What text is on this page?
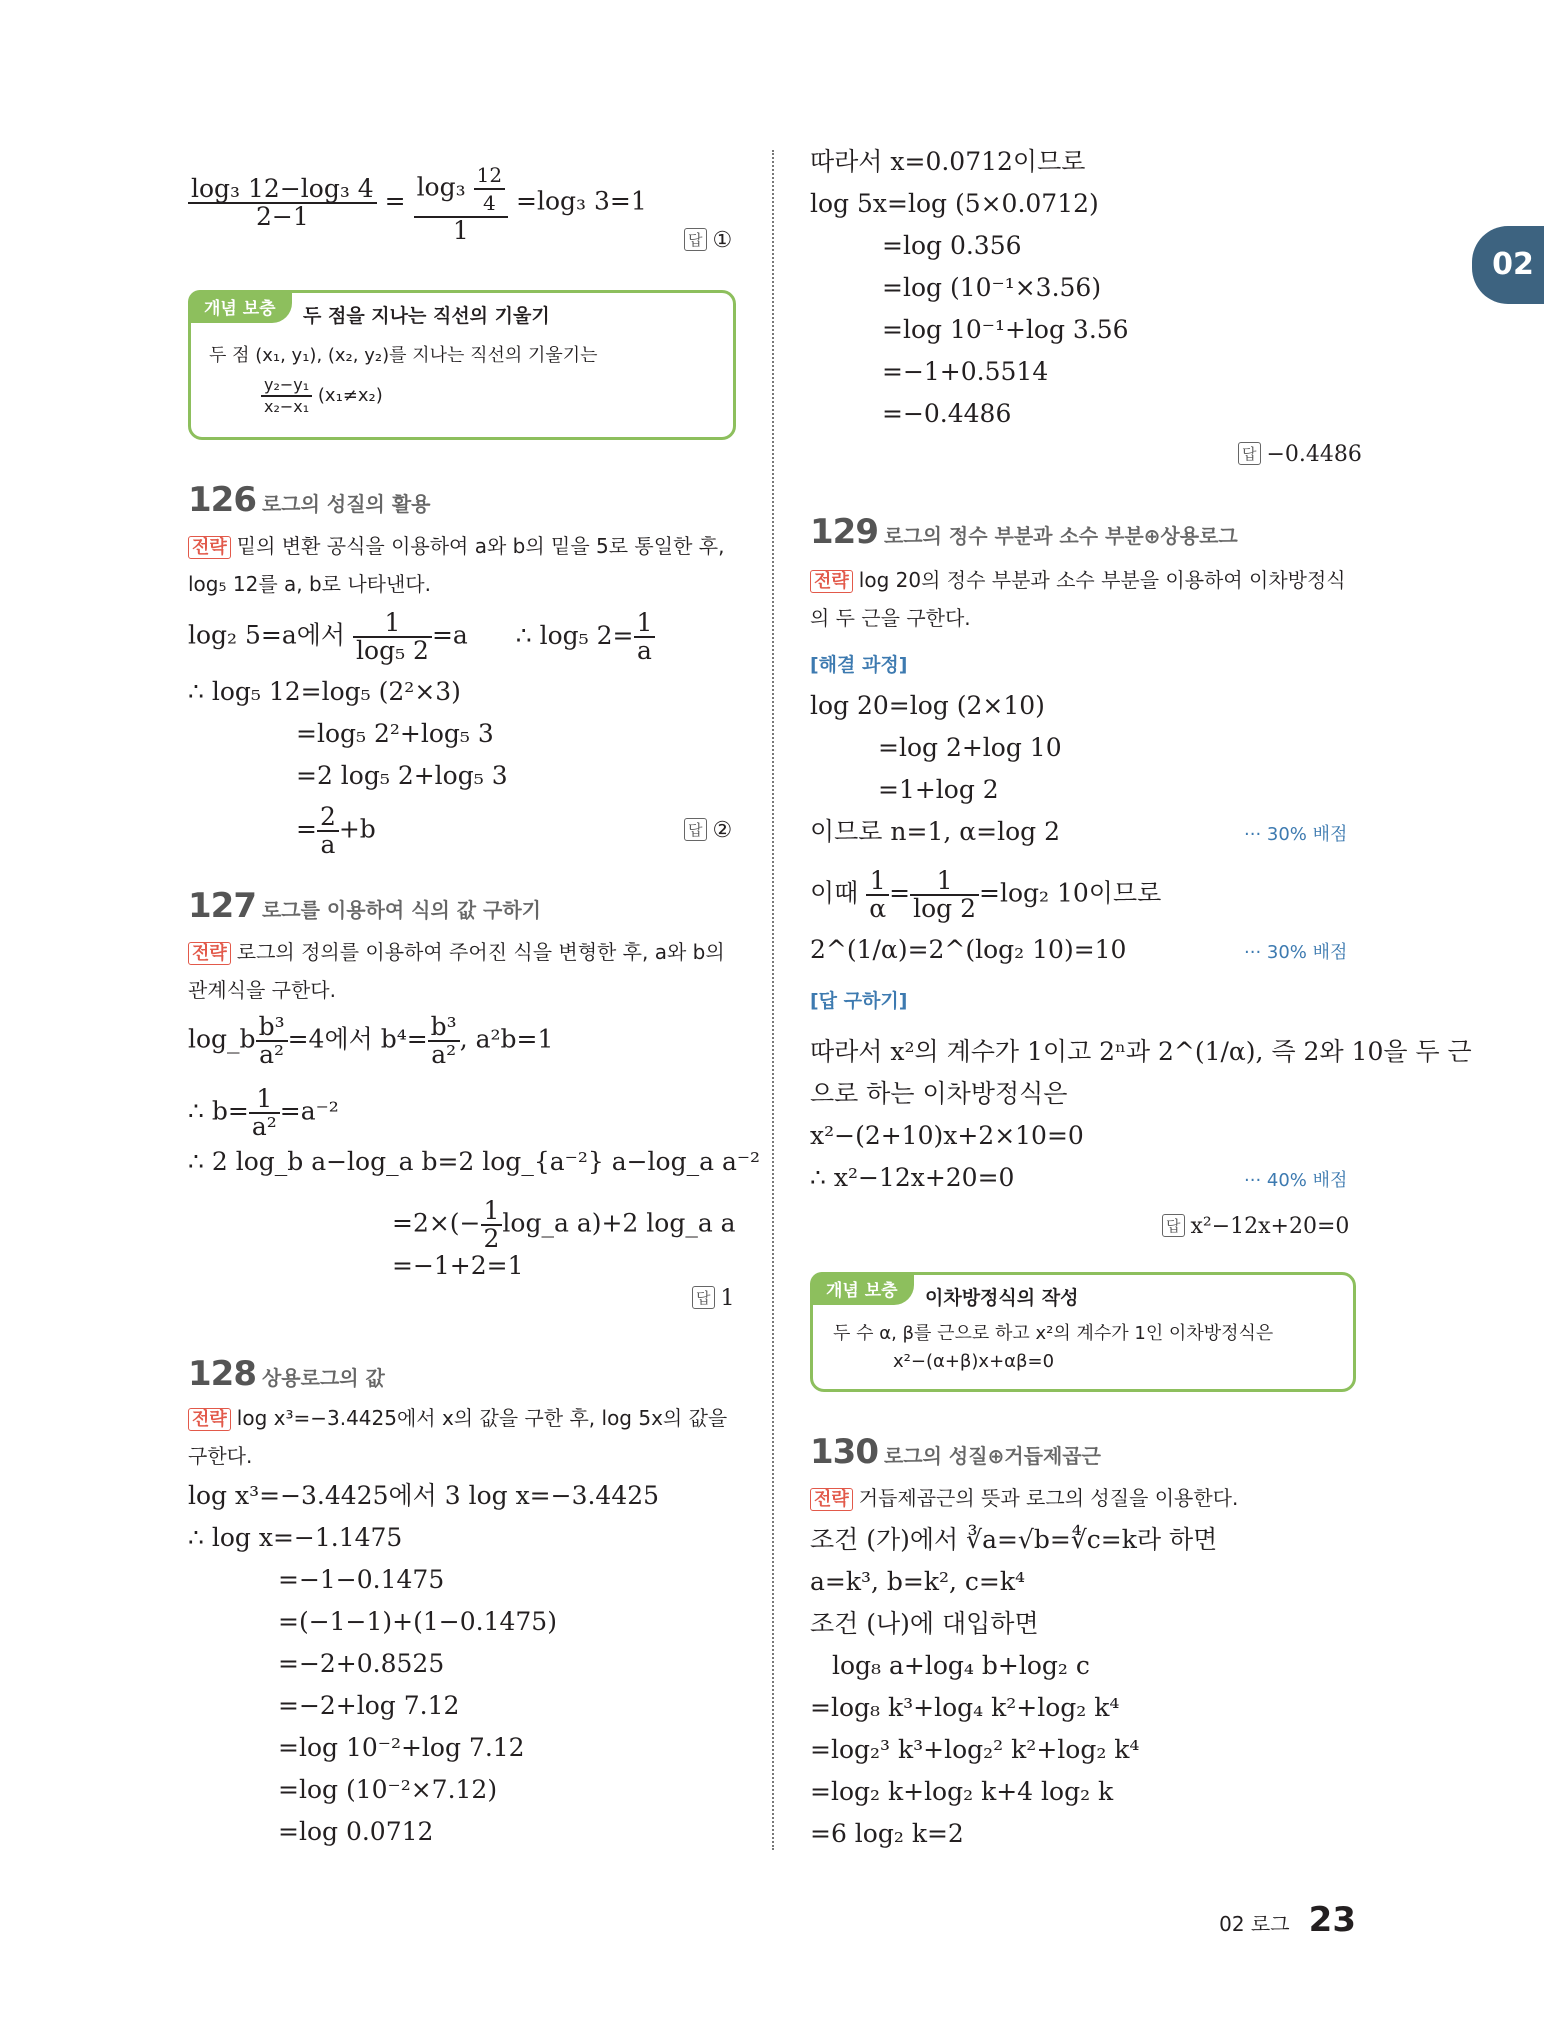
02
$\frac{\text{log₃ 12−log₃ 4}}{2-1} = \frac{\log_3 \frac{12}{4}}{1} =\log_3$ 3=1
답 ①
개념 보충	두 점을 지나는 직선의 기울기
두 점 (x₁, y₁), (x₂, y₂)를 지나는 직선의 기울기는
$\frac{\text{y₂−y₁}}{\text{x₂−x₁}} (x_1\ne x_2)$
126 로그의 성질의 활용
전략 밑의 변환 공식을 이용하여 a와 b의 밑을 5로 통일한 후, log₅ 12를 a, b로 나타낸다.
log₂ 5=a에서 $\frac{1}{\text{log₅ 2}} =a$ ∴ log₅ $2= \frac{1}{a}$
∴ log₅ 12=log₅ (2²×3)
=log₅ 2²+log₅ 3
=2 log₅ 2+log₅ 3
= $\frac{2}{a} +b$	답 ②
127 로그를 이용하여 식의 값 구하기
전략 로그의 정의를 이용하여 주어진 식을 변형한 후, a와 b의 관계식을 구한다.
log_b $\frac{\text{b³}}{\text{a²}} =4$에서 $b^4= \frac{\text{b³}}{\text{a²}}$ , a²b=1
∴ $b= \frac{1}{\text{a²}} =a^{-2}$
∴ 2 log_b a−log_a b=2 log_{a⁻²} a−log_a a⁻²
$=2\times(- \frac{1}{2}$ log_a a)+2 log_a a
=−1+2=1
답 1
128 상용로그의 값
전략 log x³=−3.4425에서 x의 값을 구한 후, log 5x의 값을 구한다.
log x³=−3.4425에서 3 log x=−3.4425
∴ log x=−1.1475
=−1−0.1475
=(−1−1)+(1−0.1475)
=−2+0.8525
=−2+log 7.12
=log 10⁻²+log 7.12
=log (10⁻²×7.12)
=log 0.0712
따라서 x=0.0712이므로
log 5x=log (5×0.0712)
=log 0.356
=log (10⁻¹×3.56)
=log 10⁻¹+log 3.56
=−1+0.5514
=−0.4486
답 −0.4486
129 로그의 정수 부분과 소수 부분⊕상용로그
전략 log 20의 정수 부분과 소수 부분을 이용하여 이차방정식의 두 근을 구한다.
[해결 과정]
log 20=log (2×10)
=log 2+log 10
=1+log 2
이므로 n=1, α=log 2	··· 30% 배점
이때 $\frac{1}{\alpha} = \frac{1}{\log 2} =\log_2$ 10이므로
2^(1/α)=2^(log₂ 10)=10	··· 30% 배점
[답 구하기]
따라서 x²의 계수가 1이고 2ⁿ과 2^(1/α), 즉 2와 10을 두 근
으로 하는 이차방정식은
x²−(2+10)x+2×10=0
∴ x²−12x+20=0	··· 40% 배점
답 x²−12x+20=0
개념 보충	이차방정식의 작성
두 수 α, β를 근으로 하고 x²의 계수가 1인 이차방정식은
x²−(α+β)x+αβ=0
130 로그의 성질⊕거듭제곱근
전략 거듭제곱근의 뜻과 로그의 성질을 이용한다.
조건 (가)에서 ∛a=√b=∜c=k라 하면
a=k³, b=k², c=k⁴
조건 (나)에 대입하면
log₈ a+log₄ b+log₂ c
=log₈ k³+log₄ k²+log₂ k⁴
=log₂³ k³+log₂² k²+log₂ k⁴
=log₂ k+log₂ k+4 log₂ k
=6 log₂ k=2
02 로그 23
